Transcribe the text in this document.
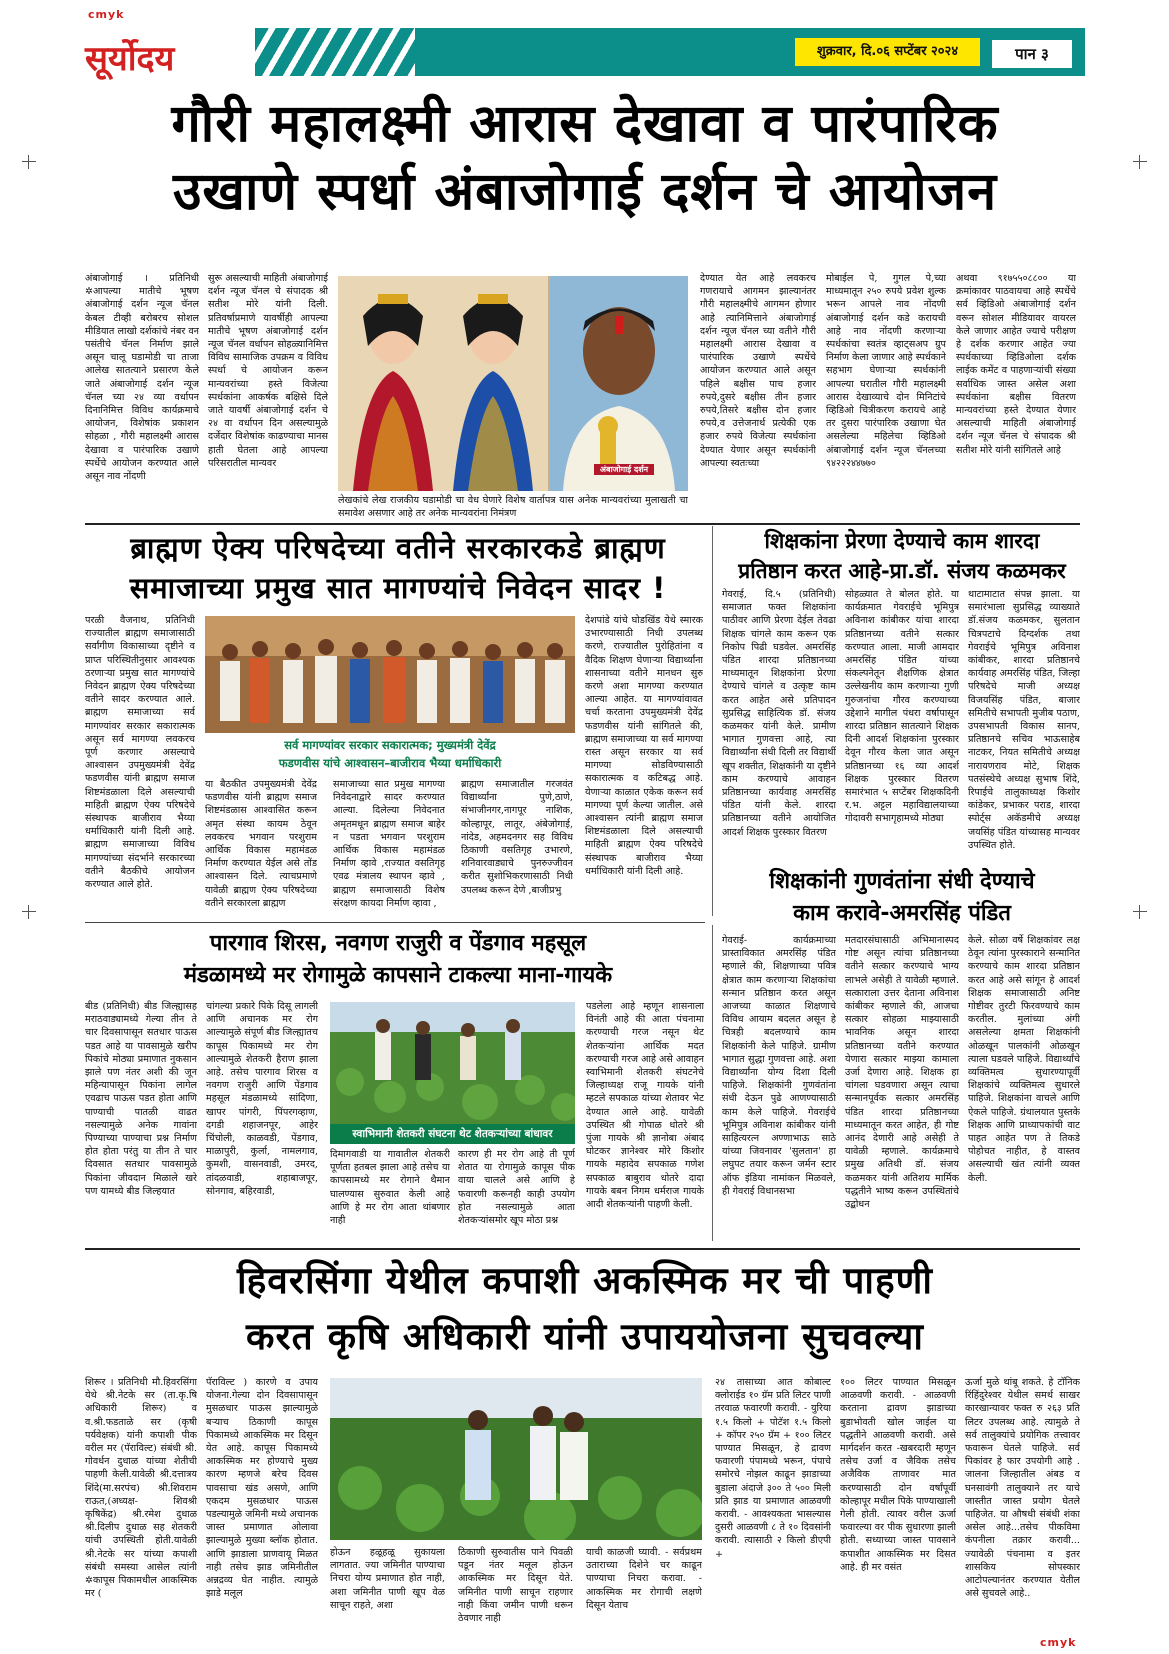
cmyk
cmyk
सूर्योदय	शुक्रवार, दि.०६ सप्टेंबर २०२४	पान ३
गौरी महालक्ष्मी आरास देखावा व पारंपारिक
उखाणे स्पर्धा अंबाजोगाई दर्शन चे आयोजन
अंबाजोगाई । प्रतिनिधी ✲आपल्या मातीचे भूषण अंबाजोगाई दर्शन न्यूज चॅनल केबल टीव्ही बरोबरच सोशल मीडियात लाखो दर्शकांचे नंबर वन पसंतीचे चॅनल निर्माण झाले असून चालू घडामोडी चा ताजा आलेख सातत्याने प्रसारण केले जाते अंबाजोगाई दर्शन न्यूज चॅनल च्या २४ व्या वर्धापन दिनानिमित्त विविध कार्यक्रमाचे आयोजन, विशेषांक प्रकाशन सोहळा , गौरी महालक्ष्मी आरास देखावा व पारंपारिक उखाणे स्पर्धेचे आयोजन करण्यात आले असून नाव नोंदणी
सुरू असल्याची माहिती अंबाजोगाई दर्शन न्यूज चॅनल चे संपादक श्री सतीश मोरे यांनी दिली. प्रतिवर्षाप्रमाणे यावर्षीही आपल्या मातीचे भूषण अंबाजोगाई दर्शन न्यूज चॅनल वर्धापन सोहळ्यानिमित्त विविध सामाजिक उपक्रम व विविध स्पर्धा चे आयोजन करून मान्यवरांच्या हस्ते विजेत्या स्पर्धकांना आकर्षक बक्षिसे दिले जाते यावर्षी अंबाजोगाई दर्शन चे २४ वा वर्धापन दिन असल्यामुळे दर्जेदार विशेषांक काढण्याचा मानस हाती घेतला आहे आपल्या परिसरातील मान्यवर
अंबाजोगाई दर्शन
लेखकांचे लेख राजकीय घडामोडी चा वेध घेणारे विशेष वार्तापत्र यास अनेक मान्यवरांच्या मुलाखती चा समावेश असणार आहे तर अनेक मान्यवरांना निमंत्रण
देण्यात येत आहे लवकरच गणरायाचे आगमन झाल्यानंतर गौरी महालक्ष्मीचे आगमन होणार आहे त्यानिमित्ताने अंबाजोगाई दर्शन न्यूज चॅनल च्या वतीने गौरी महालक्ष्मी आरास देखावा व पारंपारिक उखाणे स्पर्धेचे आयोजन करण्यात आले असून पहिले बक्षीस पाच हजार रुपये,दुसरे बक्षीस तीन हजार रुपये,तिसरे बक्षीस दोन हजार रुपये,व उत्तेजनार्थ प्रत्येकी एक हजार रुपये विजेत्या स्पर्धकांना देण्यात येणार असून स्पर्धकांनी आपल्या स्वतःच्या
मोबाईल पे, गुगल पे,च्या माध्यमातून २५० रुपये प्रवेश शुल्क भरून आपले नाव नोंदणी अंबाजोगाई दर्शन कडे करायची आहे नाव नोंदणी करणाऱ्या स्पर्धकांचा स्वतंत्र व्हाट्सअप ग्रुप निर्माण केला जाणार आहे स्पर्धकाने सहभाग घेणाऱ्या स्पर्धकांनी आपल्या घरातील गौरी महालक्ष्मी आरास देखाव्याचे दोन मिनिटांचे व्हिडिओ चित्रीकरण करायचे आहे तर दुसरा पारंपारिक उखाणा घेत असलेल्या महिलेचा व्हिडिओ अंबाजोगाई दर्शन न्यूज चॅनलच्या ९४२२२४४७७०
अथवा ९१७५५०८८०० या क्रमांकावर पाठवायचा आहे स्पर्धेचे सर्व व्हिडिओ अंबाजोगाई दर्शन वरून सोशल मीडियावर वायरल केले जाणार आहेत ज्याचे परीक्षण हे दर्शक करणार आहेत ज्या स्पर्धकाच्या व्हिडिओला दर्शक लाईक कमेंट व पाहणाऱ्यांची संख्या सर्वाधिक जास्त असेल अशा स्पर्धकांना बक्षीस वितरण मान्यवरांच्या हस्ते देण्यात येणार असल्याची माहिती अंबाजोगाई दर्शन न्यूज चॅनल चे संपादक श्री सतीश मोरे यांनी सांगितले आहे
ब्राह्मण ऐक्य परिषदेच्या वतीने सरकारकडे ब्राह्मण
समाजाच्या प्रमुख सात मागण्यांचे निवेदन सादर !
परळी वैजनाथ, प्रतिनिधी राज्यातील ब्राह्मण समाजासाठी सर्वांगीण विकासाच्या दृष्टीने व प्राप्त परिस्थितीनुसार आवश्यक ठरणाऱ्या प्रमुख सात मागण्यांचे निवेदन ब्राह्मण ऐक्य परिषदेच्या वतीने सादर करण्यात आले. ब्राह्मण समाजाच्या सर्व मागण्यांवर सरकार सकारात्मक असून सर्व मागण्या लवकरच पूर्ण करणार असल्याचे आश्वासन उपमुख्यमंत्री देवेंद्र फडणवीस यांनी ब्राह्मण समाज शिष्टमंडळाला दिले असल्याची माहिती ब्राह्मण ऐक्य परिषदेचे संस्थापक बाजीराव भैय्या धर्माधिकारी यांनी दिली आहे. ब्राह्मण समाजाच्या विविध मागण्यांच्या संदर्भाने सरकारच्या वतीने बैठकीचे आयोजन करण्यात आले होते.
सर्व मागण्यांवर सरकार सकारात्मक; मुख्यमंत्री देवेंद्र
फडणवीस यांचे आश्वासन–बाजीराव भैय्या धर्माधिकारी
या बैठकीत उपमुख्यमंत्री देवेंद्र फडणवीस यांनी ब्राह्मण समाज शिष्टमंडळास आश्वासित करून अमृत संस्था कायम ठेवून लवकरच भगवान परशुराम आर्थिक विकास महामंडळ निर्माण करण्यात येईल असे तोंड आश्वासन दिले. त्याचप्रमाणे यावेळी ब्राह्मण ऐक्य परिषदेच्या वतीने सरकारला ब्राह्मण
समाजाच्या सात प्रमुख मागण्या निवेदनाद्वारे सादर करण्यात आल्या. दिलेल्या निवेदनात अमृतमधून ब्राह्मण समाज बाहेर न पडता भगवान परशुराम आर्थिक विकास महामंडळ निर्माण व्हावे ,राज्यात वसतिगृह एवढ मंत्रालय स्थापन व्हावे , ब्राह्मण समाजासाठी विशेष संरक्षण कायदा निर्माण व्हावा ,
ब्राह्मण समाजातील गरजवंत विद्यार्थ्यांना पुणे,ठाणे, संभाजीनगर,नागपूर नाशिक, कोल्हापूर, लातूर, अंबेजोगाई, नांदेड, अहमदनगर सह विविध ठिकाणी वसतिगृह उभारणे, शनिवारवाड्याचे पुनरुज्जीवन करीत सुशोभिकरणासाठी निधी उपलब्ध करून देणे ,बाजीप्रभु
देशपांडे यांचे घोडखिंड येथे स्मारक उभारण्यासाठी निधी उपलब्ध करणे, राज्यातील पुरोहितांना व वैदिक शिक्षण घेणाऱ्या विद्यार्थ्यांना शासनाच्या वतीने मानधन सुरु करणे अशा मागण्या करण्यात आल्या आहेत. या मागण्यांवावत चर्चा करताना उपमुख्यमंत्री देवेंद्र फडणवीस यांनी सांगितले की, ब्राह्मण समाजाच्या या सर्व मागण्या रास्त असून सरकार या सर्व मागण्या सोडविण्यासाठी सकारात्मक व कटिबद्ध आहे. येणाऱ्या काळात एकेक करून सर्व मागण्या पूर्ण केल्या जातील. असे आश्वासन त्यांनी ब्राह्मण समाज शिष्टमंडळाला दिले असल्याची माहिती ब्राह्मण ऐक्य परिषदेचे संस्थापक बाजीराव भैय्या धर्माधिकारी यांनी दिली आहे.
शिक्षकांना प्रेरणा देण्याचे काम शारदा
प्रतिष्ठान करत आहे-प्रा.डॉ. संजय कळमकर
गेवराई, दि.५ (प्रतिनिधी) समाजात फक्त शिक्षकांना पाठीवर आणि प्रेरणा देईल तेवढा शिक्षक चांगले काम करून एक निकोप पिढी घडवेल. अमरसिंह पंडित शारदा प्रतिष्ठानच्या माध्यमातून शिक्षकांना प्रेरणा देण्याचे चांगले व उत्कृष्ट काम करत आहेत असे प्रतिपादन सुप्रसिद्ध साहित्यिक डॉ. संजय कळमकर यांनी केले. प्रामीण भागात गुणवत्ता आहे, त्या विद्यार्थ्यांना संधी दिली तर विद्यार्थी खूप शक्तीत, शिक्षकांनी या दृष्टीने काम करण्याचे आवाहन प्रतिष्ठानच्या कार्यवाह अमरसिंह पंडित यांनी केले. शारदा प्रतिष्ठानच्या वतीने आयोजित आदर्श शिक्षक पुरस्कार वितरण
सोहळ्यात ते बोलत होते. या कार्यक्रमात गेवराईचे भूमिपुत्र अविनाश कांबीकर यांचा शारदा प्रतिष्ठानच्या वतीने सत्कार करण्यात आला. माजी आमदार अमरसिंह पंडित यांच्या संकल्पनेतून शैक्षणिक क्षेत्रात उल्लेखनीय काम करणाऱ्या गुणी गुरुजनांचा गौरव करण्याच्या उद्देशाने मागील पंधरा वर्षापासून शारदा प्रतिष्ठान सातत्याने शिक्षक दिनी आदर्श शिक्षकांना पुरस्कार देवून गौरव केला जात असून प्रतिष्ठानच्या १६ व्या आदर्श शिक्षक पुरस्कार वितरण समारंभात ५ सप्टेंबर शिक्षकदिनी र.भ. अट्टल महाविद्यालयाच्या गोदावरी सभागृहामध्ये मोठ्या
थाटामाटात संपन्न झाला. या समारंभाला सुप्रसिद्ध व्याख्याते डॉ.संजय कळमकर, सुलतान चित्रपटाचे दिग्दर्शक तथा गेवराईचे भूमिपुत्र अविनाश कांबीकर, शारदा प्रतिष्ठानचे कार्यवाह अमरसिंह पंडित, जिल्हा परिषदेचे माजी अध्यक्ष विजयसिंह पंडित, बाजार समितीचे सभापती मुजीब पठाण, उपसभापती विकास सानप, प्रतिष्ठानचे सचिव भाऊसाहेब नाटकर, नियत समितीचे अध्यक्ष नारायणराव मोटे, शिक्षक पतसंस्थेचे अध्यक्ष सुभाष शिंदे, रिपाईचे तालुकाध्यक्ष किशोर कांडेकर, प्रभाकर पराड, शारदा स्पोर्ट्स अकॅडमीचे अध्यक्ष जयसिंह पंडित यांच्यासह मान्यवर उपस्थित होते.
शिक्षकांनी गुणवंतांना संधी देण्याचे
काम करावे-अमरसिंह पंडित
गेवराई- कार्यक्रमाच्या प्रास्ताविकात अमरसिंह पंडित म्हणाले की, शिक्षणाच्या पवित्र क्षेत्रात काम करणाऱ्या शिक्षकांचा सन्मान प्रतिष्ठान करत असून आजच्या काळात शिक्षणाचे विविध आयाम बदलत असून हे चित्रही बदलण्याचे काम शिक्षकांनी केले पाहिजे. ग्रामीण भागात सुद्धा गुणवत्ता आहे. अशा विद्यार्थ्यांना योग्य दिशा दिली पाहिजे. शिक्षकांनी गुणवंतांना संधी देऊन पुढे आणण्यासाठी काम केले पाहिजे. गेवराईचे भूमिपुत्र अविनाश कांबीकर यांनी साहित्यरत्न अण्णाभाऊ साठे यांच्या जिवनावर 'सुलतान' हा लघुपट तयार करून जर्मन स्टार ऑफ इंडिया नामांकन मिळवले, ही गेवराई विधानसभा
मतदारसंघासाठी अभिमानास्पद गोष्ट असून त्यांचा प्रतिष्ठानच्या वतीने सत्कार करण्याचे भाग्य लाभले असेही ते यावेळी म्हणाले. सत्काराला उत्तर देताना अविनाश कांबीकर म्हणाले की, आजचा सत्कार सोहळा माझ्यासाठी भावनिक असून शारदा प्रतिष्ठानच्या वतीने करण्यात येणारा सत्कार माझ्या कामाला उर्जा देणारा आहे. शिक्षक हा चांगला घडवणारा असून त्याचा सन्मानपूर्वक सत्कार अमरसिंह पंडित शारदा प्रतिष्ठानच्या माध्यमातून करत आहेत, ही गोष्ट आनंद देणारी आहे असेही ते यावेळी म्हणाले. कार्यक्रमाचे प्रमुख अतिथी डॉ. संजय कळमकर यांनी अतिशय मार्मिक पद्धतीने भाष्य करून उपस्थितांचे उद्बोधन
केले. सोळा वर्षे शिक्षकांवर लक्ष ठेवून त्यांना पुरस्काराने सन्मानित करण्याचे काम शारदा प्रतिष्ठान करत आहे असे सांगून हे आदर्श शिक्षक समाजासाठी अनिष्ट गोष्टीवर तुरटी फिरवण्याचे काम करतील. मुलांच्या अंगी असलेल्या क्षमता शिक्षकांनी ओळखून पालकांनी ओळखून त्याला घडवले पाहिजे. विद्यार्थ्यांचे व्यक्तिमत्व सुधारण्यापूर्वी शिक्षकांचे व्यक्तिमत्व सुधारले पाहिजे. शिक्षकांना वाचले आणि ऐकले पाहिजे. ग्रंथालयात पुस्तके शिक्षक आणि प्राध्यापकांची वाट पाहत आहेत पण ते तिकडे पोहोचत नाहीत, हे वास्तव असल्याची खंत त्यांनी व्यक्त केली.
पारगाव शिरस, नवगण राजुरी व पेंडगाव महसूल
मंडळामध्ये मर रोगामुळे कापसाने टाकल्या माना-गायके
बीड (प्रतिनिधी) बीड जिल्ह्यासह मराठवाड्यामध्ये गेल्या तीन ते चार दिवसापासून सतधार पाऊस पडत आहे या पावसामुळे खरीप पिकांचे मोठ्या प्रमाणात नुकसान झाले पण नंतर अशी की जून महिन्यापासून पिकांना लागेल एवढाच पाऊस पडत होता आणि पाण्याची पातळी वाढत नसल्यामुळे अनेक गावांना पिण्याच्या पाण्याचा प्रश्न निर्माण होत होता परंतु या तीन ते चार दिवसात सतधार पावसामुळे पिकांना जीवदान मिळाले खरे पण यामध्ये बीड जिल्हयात
चांगल्या प्रकारे पिके दिसू लागली आणि अचानक मर रोग आल्यामुळे संपूर्ण बीड जिल्ह्यातच कापूस पिकामध्ये मर रोग आल्यामुळे शेतकरी हैराण झाला आहे. तसेच पारगाव शिरस व नवगण राजुरी आणि पेंडगाव महसूल मंडळामध्ये सांदिणा, खापर पांगरी, पिंपरगव्हाण, दगडी शहाजनपूर, आहेर चिंचोली, काळवडी, पेंडगाव, माळापुरी, कुर्ला, नामलगाव, कुमशी, वासनवाडी, उमरद, तांदळवाडी, शहाबाजपूर, सोनगाव, बहिरवाडी,
स्वाभिमानी शेतकरी संघटना थेट शेतकऱ्यांच्या बांधावर
दिमागवाडी या गावातील शेतकरी पूर्णता हतबल झाला आहे तसेच या कापसामध्ये मर रोगाने थैमान घालण्यास सुरुवात केली आहे आणि हे मर रोग आता थांबणार नाही
कारण ही मर रोग आहे ती पूर्ण शेतात या रोगामुळे कापूस पीक वाया चालले असे आणि हे फवारणी करूनही काही उपयोग होत नसल्यामुळे आता शेतकऱ्यांसमोर खूप मोठा प्रश्न
पडलेला आहे म्हणून शासनाला विनंती आहे की आता पंचनामा करण्याची गरज नसून थेट शेतकऱ्यांना आर्थिक मदत करण्याची गरज आहे असे आवाहन स्वाभिमानी शेतकरी संघटनेचे जिल्हाध्यक्ष राजू गायके यांनी म्हटले सपकाळ यांच्या शेतावर भेट देण्यात आले आहे. यावेळी उपस्थित श्री गोपाळ धोतरे श्री पुंजा गायके श्री ज्ञानोबा अंबाद घोटकर ज्ञानेश्वर मोरे किशोर गायके महादेव सपकाळ गणेश सपकाळ बाबुराव धोतरे दादा गायके बबन निगम धर्मराज गायके आदी शेतकऱ्यांनी पाहणी केली.
हिवरसिंगा येथील कपाशी अकस्मिक मर ची पाहणी
करत कृषि अधिकारी यांनी उपाययोजना सुचवल्या
शिरूर । प्रतिनिधी मौ.हिवरसिंगा येथे श्री.नेटके सर (ता.कृ.षि अधिकारी शिरूर) व व.श्री.फडताळे सर (कृषी पर्यवेक्षक) यांनी कपाशी पीक वरील मर (पॅराविल्ट) संबंधी श्री. गोवर्धन दुधाळ यांच्या शेतीची पाहणी केली.यावेळी श्री.दत्तात्रय शिंदे(मा.सरपंच) श्री.शिवराम राऊत,(अध्यक्ष- शिवश्री कृषिकेंद्र) श्री.रमेश दुधाळ श्री.दिलीप दुधाळ सह शेतकरी यांची उपस्थिती होती.यावेळी श्री.नेटके सर यांच्या कपाशी संबंधी समस्या आसेल त्यांनी ✲कापूस पिकामधील आकस्मिक मर (
पॅराविल्ट ) कारणे व उपाय योजना.गेल्या दोन दिवसापासून मुसळधार पाऊस झाल्यामुळे बऱ्याच ठिकाणी कापूस पिकामध्ये आकस्मिक मर दिसून येत आहे. कापूस पिकामध्ये आकस्मिक मर होण्याचे मुख्य कारण म्हणजे बरेच दिवस पावसाचा खंड असणे, आणि एकदम मुसळधार पाऊस पडल्यामुळे जमिनी मध्ये अचानक जास्त प्रमाणात ओलावा झाल्यामुळे मुख्या ब्लॉक होतात. आणि झाडाला प्राणवायू मिळत नाही तसेच झाड जमिनीतील अन्नद्रव्य घेत नाहीत. त्यामुळे झाडे मलूल
होऊन हळूहळू सुकायला लागतात. ज्या जमिनीत पाण्याचा निचरा योग्य प्रमाणात होत नाही, अशा जमिनीत पाणी खूप वेळ साचून राहते, अशा
ठिकाणी सुरुवातीस पाने पिवळी पडून नंतर मलूल होऊन आकस्मिक मर दिसून येते. जमिनीत पाणी साचून राहणार नाही किंवा जमीन पाणी धरून ठेवणार नाही
याची काळजी घ्यावी. - सर्वप्रथम उताराच्या दिशेने चर काढून पाण्याचा निचरा करावा. - आकस्मिक मर रोगाची लक्षणे दिसून येताच
२४ तासाच्या आत कोबाल्ट क्लोराईड १० ग्रॅम प्रति लिटर पाणी तरवाळ फवारणी करावी. - युरिया १.५ किलो + पोटॅश १.५ किलो + कॉपर २५० ग्रॅम + १०० लिटर पाण्यात मिसळून, हे द्रावण फवारणी पंपामध्ये भरून, पंपाचे समोरचे नोझल काढून झाडाच्या बुडाला अंदाजे ३०० ते ५०० मिली प्रति झाड या प्रमाणात आळवणी करावी. - आवश्यकता भासल्यास दुसरी आळवणी ८ ते १० दिवसांनी करावी. त्यासाठी २ किलो डीएपी +
१०० लिटर पाण्यात मिसळून आळवणी करावी. - आळवणी करताना द्रावण झाडाच्या बुडाभोवती खोल जाईल या पद्धतीने आळवणी करावी. असे मार्गदर्शन करत -खबरदारी म्हणून तसेच उर्जा व जैविक तसेच अजैविक ताणावर मात करण्यासाठी दोन वर्षांपूर्वी कोल्हापूर मधील पिके पाण्याखाली गेली होती. त्यावर वरील ऊर्जा फवारल्या वर पीक सुधारणा झाली होती. सध्याच्या जास्त पावसाने कपाशीत आकस्मिक मर दिसत आहे. ही मर वसंत
ऊर्जा मुळे थांबू शकते. हे टॉनिक रिंहिंदुरेश्वर येथील समर्थ साखर कारखान्यावर फक्त रु २६३ प्रति लिटर उपलब्ध आहे. त्यामुळे ते सर्व तालुक्यांचे प्रयोगिक तत्त्वावर फवारून घेतले पाहिजे. सर्व पिकांवर हे फार उपयोगी आहे . जालना जिल्हातील अंबड व घनसावंगी तालुक्याने तर याचे जास्तीत जास्त प्रयोग घेतले पाहिजेत. या औषधी संबंधी शंका असेल आहे...तसेच पीकविमा कंपनीला तक्रार करावी... ज्यावेळी पंचनामा व इतर शासकिय सोपस्कार आटोपल्यानंतर करण्यात येतील असे सुचवले आहे..
